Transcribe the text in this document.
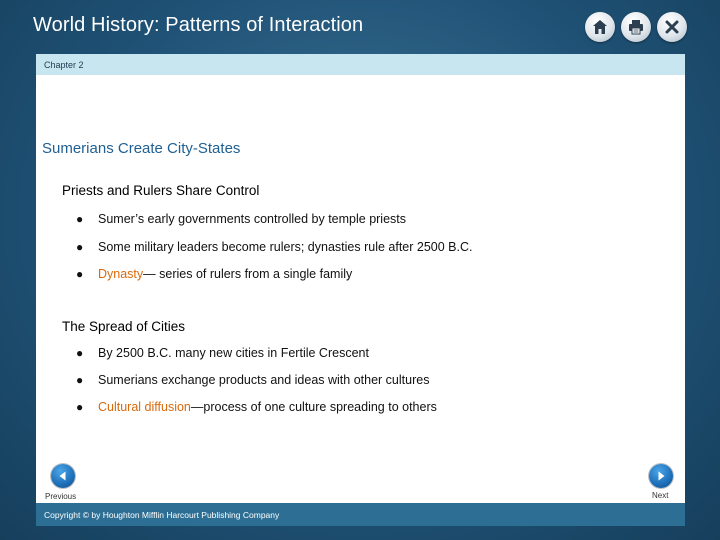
World History: Patterns of Interaction
Chapter 2
Sumerians Create City-States
Priests and Rulers Share Control
●	Sumer’s early governments controlled by temple priests
●	Some military leaders become rulers; dynasties rule after 2500 B.C.
●	Dynasty— series of rulers from a single family
The Spread of Cities
●	By 2500 B.C. many new cities in Fertile Crescent
●	Sumerians exchange products and ideas with other cultures
●	Cultural diffusion—process of one culture spreading to others
Previous	Next
Copyright © by Houghton Mifflin Harcourt Publishing Company
